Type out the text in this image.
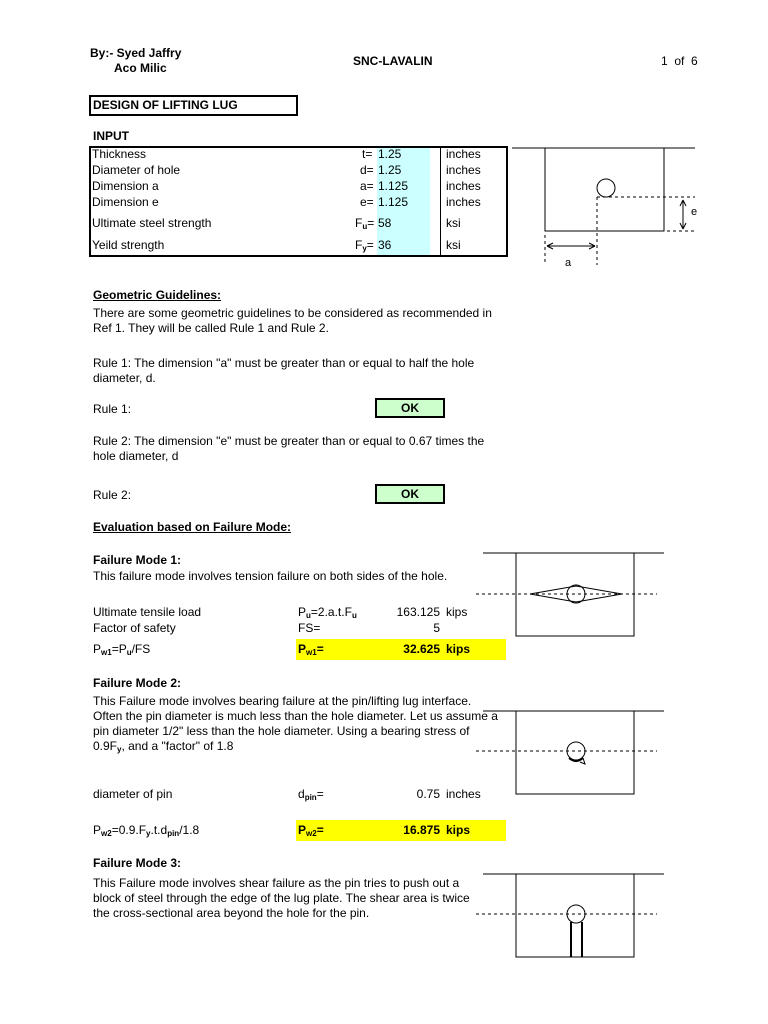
By:- Syed Jaffry
Aco Milic	SNC-LAVALIN	1 of 6
DESIGN OF LIFTING LUG
INPUT
Thickness	t= 1.25	inches
Diameter of hole	d= 1.25	inches
Dimension a	a= 1.125	inches
Dimension e	e= 1.125	inches
Ultimate steel strength	$F_u= 58$	ksi
Yeild strength	$F_y= 36$	ksi
e
a
Geometric Guidelines:
There are some geometric guidelines to be considered as recommended in Ref 1. They will be called Rule 1 and Rule 2.
Rule 1: The dimension "a" must be greater than or equal to half the hole diameter, d.
Rule 1:	OK
Rule 2: The dimension "e" must be greater than or equal to 0.67 times the hole diameter, d
Rule 2:	OK
Evaluation based on Failure Mode:
Failure Mode 1:
This failure mode involves tension failure on both sides of the hole.
Ultimate tensile load	$P_u=2.a.t.F_u$	163.125 kips
Factor of safety	FS=	5
$P_{w1}=P_u/FS$	$P_{w1}=$	32.625 kips
Failure Mode 2:
This Failure mode involves bearing failure at the pin/lifting lug interface. Often the pin diameter is much less than the hole diameter. Let us assume a pin diameter 1/2" less than the hole diameter. Using a bearing stress of $0.9F_y$, and a "factor" of 1.8
diameter of pin	$d_{pin}=$	0.75 inches
$P_{w2}=0.9.F_y.t.d_{pin}/1.8$	$P_{w2}=$	16.875 kips
Failure Mode 3:
This Failure mode involves shear failure as the pin tries to push out a block of steel through the edge of the lug plate. The shear area is twice the cross-sectional area beyond the hole for the pin.
